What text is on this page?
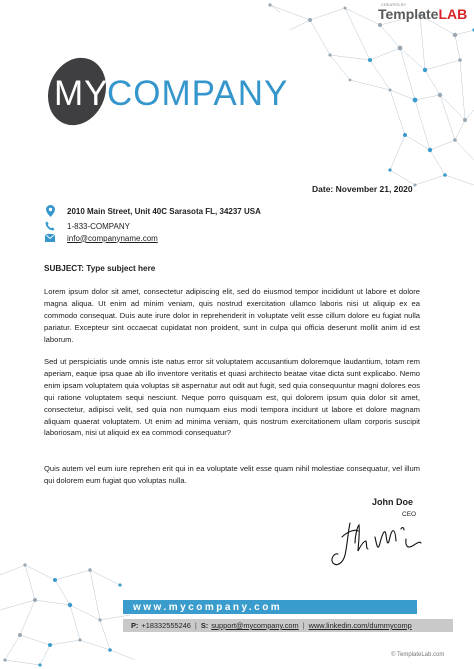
CREATED BY
TemplateLAB
MY
COMPANY
Date: November 21, 2020
2010 Main Street, Unit 40C Sarasota FL, 34237 USA
1-833-COMPANY
info@companyname.com
SUBJECT: Type subject here
Lorem ipsum dolor sit amet, consectetur adipiscing elit, sed do eiusmod tempor incididunt ut labore et dolore magna aliqua. Ut enim ad minim veniam, quis nostrud exercitation ullamco laboris nisi ut aliquip ex ea commodo consequat. Duis aute irure dolor in reprehenderit in voluptate velit esse cillum dolore eu fugiat nulla pariatur. Excepteur sint occaecat cupidatat non proident, sunt in culpa qui officia deserunt mollit anim id est laborum.
Sed ut perspiciatis unde omnis iste natus error sit voluptatem accusantium doloremque laudantium, totam rem aperiam, eaque ipsa quae ab illo inventore veritatis et quasi architecto beatae vitae dicta sunt explicabo. Nemo enim ipsam voluptatem quia voluptas sit aspernatur aut odit aut fugit, sed quia consequuntur magni dolores eos qui ratione voluptatem sequi nesciunt. Neque porro quisquam est, qui dolorem ipsum quia dolor sit amet, consectetur, adipisci velit, sed quia non numquam eius modi tempora incidunt ut labore et dolore magnam aliquam quaerat voluptatem. Ut enim ad minima veniam, quis nostrum exercitationem ullam corporis suscipit laboriosam, nisi ut aliquid ex ea commodi consequatur?
Quis autem vel eum iure reprehen erit qui in ea voluptate velit esse quam nihil molestiae consequatur, vel illum qui dolorem eum fugiat quo voluptas nulla.
John Doe
CEO
www.mycompany.com
P: +18332555246 | S: support@mycompany.com | www.linkedin.com/dummycomp
© TemplateLab.com
